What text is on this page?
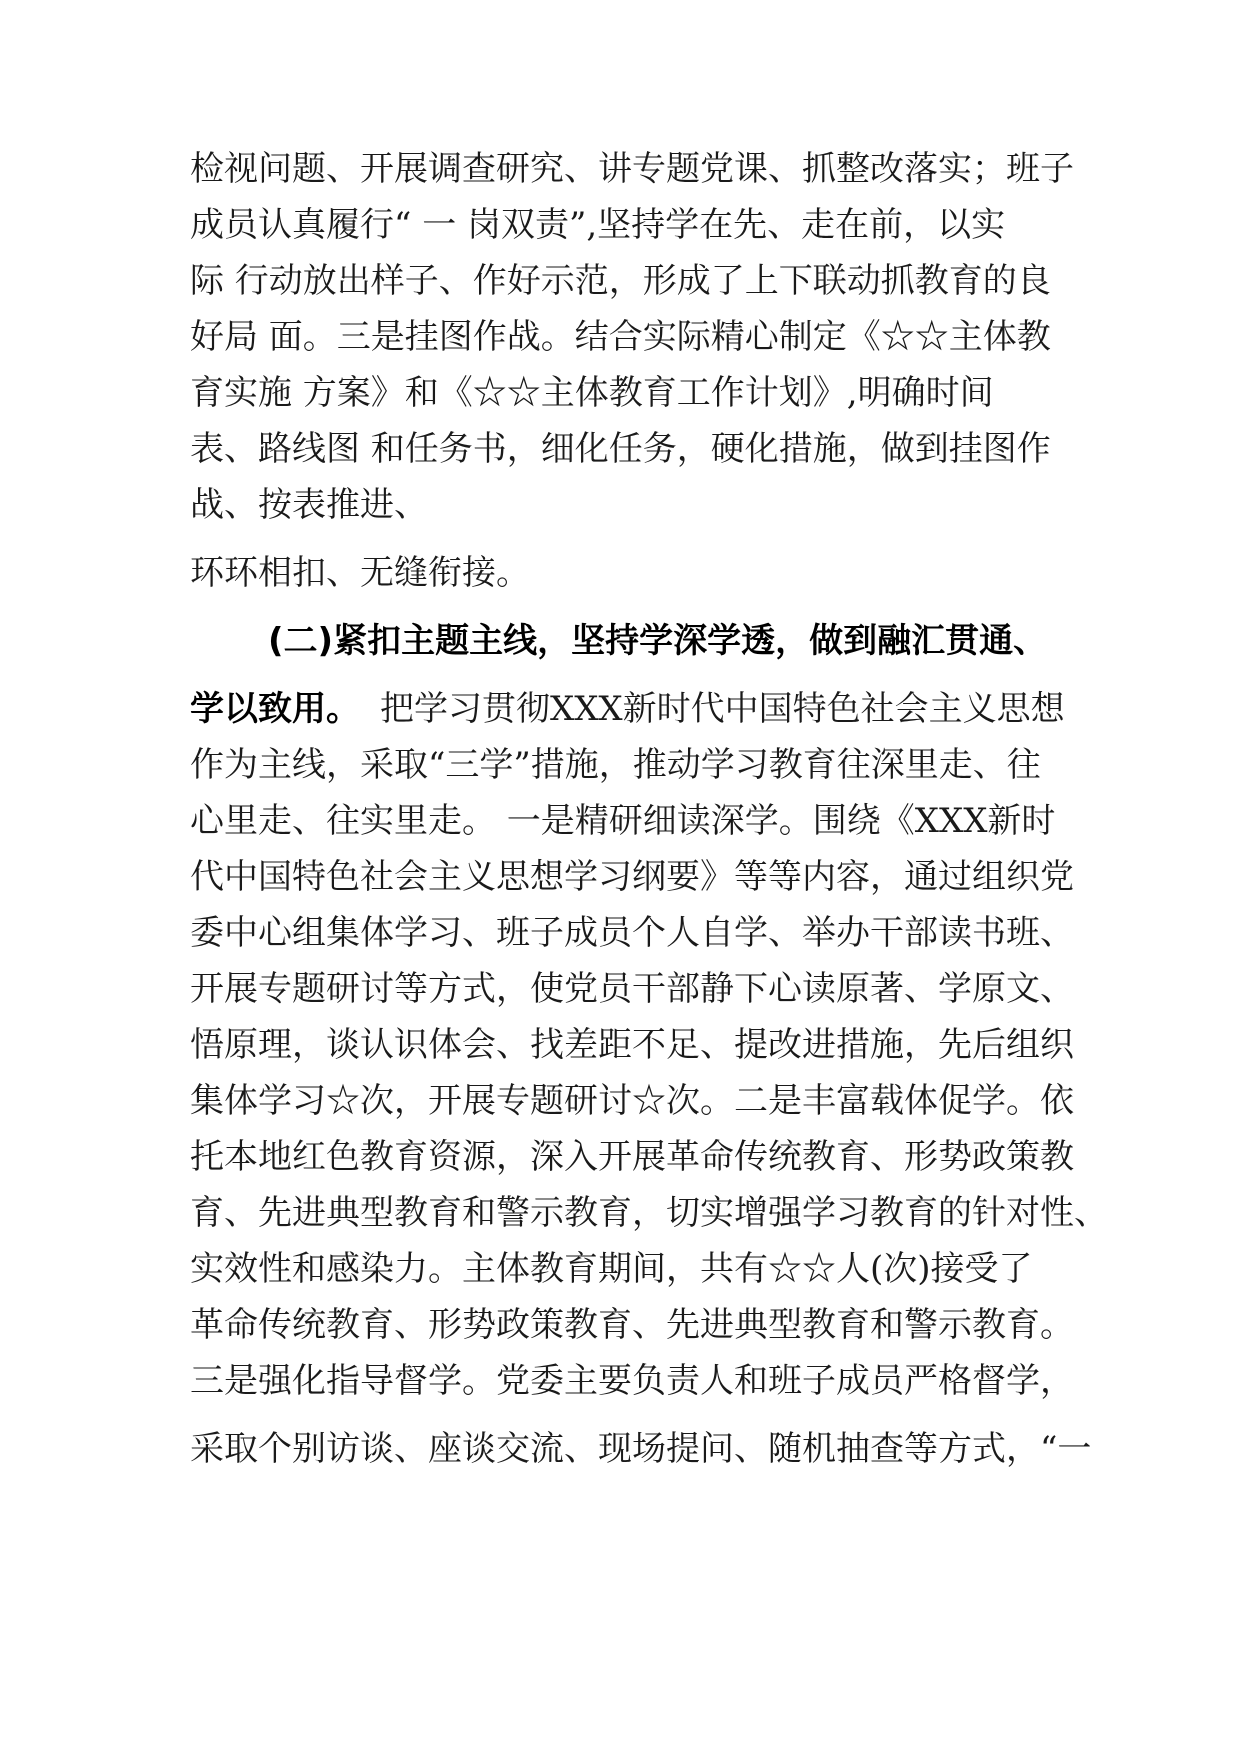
检视问题、开展调查研究、讲专题党课、抓整改落实；班子

成员认真履行“ 一 岗双责”,坚持学在先、走在前，以实

际 行动放出样子、作好示范，形成了上下联动抓教育的良

好局 面。三是挂图作战。结合实际精心制定《☆☆主体教

育实施 方案》和《☆☆主体教育工作计划》,明确时间

表、路线图 和任务书，细化任务，硬化措施，做到挂图作

战、按表推进、

环环相扣、无缝衔接。

(二)紧扣主题主线，坚持学深学透，做到融汇贯通、

学以致用。 把学习贯彻XXX新时代中国特色社会主义思想

作为主线，采取“三学”措施，推动学习教育往深里走、往

心里走、往实里走。 一是精研细读深学。围绕《XXX新时

代中国特色社会主义思想学习纲要》等等内容，通过组织党

委中心组集体学习、班子成员个人自学、举办干部读书班、

开展专题研讨等方式，使党员干部静下心读原著、学原文、

悟原理，谈认识体会、找差距不足、提改进措施，先后组织

集体学习☆次，开展专题研讨☆次。二是丰富载体促学。依

托本地红色教育资源，深入开展革命传统教育、形势政策教

育、先进典型教育和警示教育，切实增强学习教育的针对性、

实效性和感染力。主体教育期间，共有☆☆人(次)接受了

革命传统教育、形势政策教育、先进典型教育和警示教育。

三是强化指导督学。党委主要负责人和班子成员严格督学，

采取个别访谈、座谈交流、现场提问、随机抽查等方式，“一
